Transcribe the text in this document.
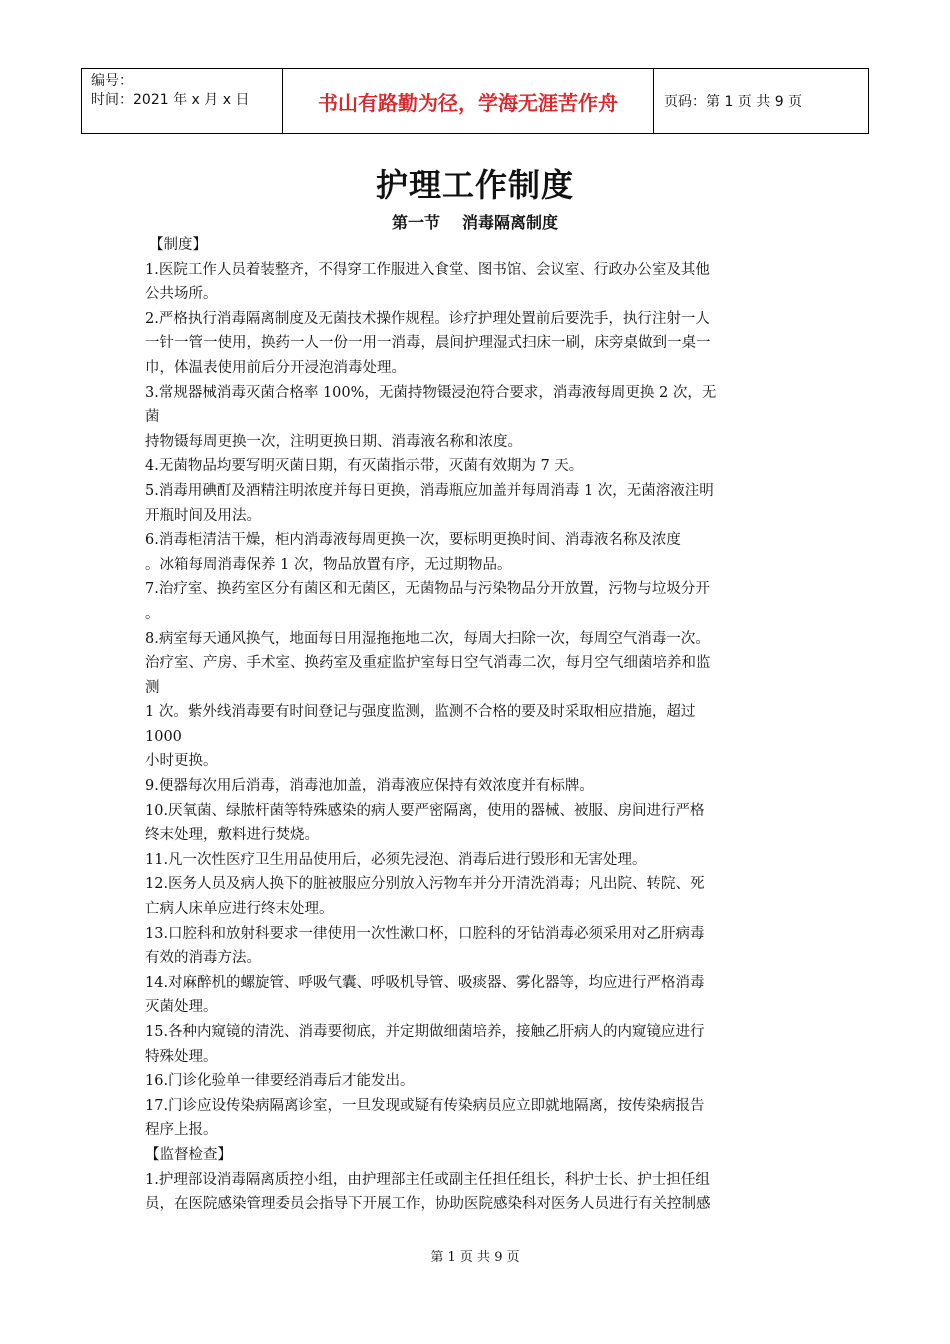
编号：
时间：2021 年 x 月 x 日	书山有路勤为径，学海无涯苦作舟	页码：第 1 页 共 9 页
护理工作制度
第一节 消毒隔离制度
【制度】
1.医院工作人员着装整齐，不得穿工作服进入食堂、图书馆、会议室、行政办公室及其他
公共场所。
2.严格执行消毒隔离制度及无菌技术操作规程。诊疗护理处置前后要洗手，执行注射一人
一针一管一使用，换药一人一份一用一消毒，晨间护理湿式扫床一刷，床旁桌做到一桌一
巾，体温表使用前后分开浸泡消毒处理。
3.常规器械消毒灭菌合格率 100%，无菌持物镊浸泡符合要求，消毒液每周更换 2 次，无
菌
持物镊每周更换一次，注明更换日期、消毒液名称和浓度。
4.无菌物品均要写明灭菌日期，有灭菌指示带，灭菌有效期为 7 天。
5.消毒用碘酊及酒精注明浓度并每日更换，消毒瓶应加盖并每周消毒 1 次，无菌溶液注明
开瓶时间及用法。
6.消毒柜清洁干燥，柜内消毒液每周更换一次，要标明更换时间、消毒液名称及浓度
。冰箱每周消毒保养 1 次，物品放置有序，无过期物品。
7.治疗室、换药室区分有菌区和无菌区，无菌物品与污染物品分开放置，污物与垃圾分开
。
8.病室每天通风换气，地面每日用湿拖拖地二次，每周大扫除一次，每周空气消毒一次。
治疗室、产房、手术室、换药室及重症监护室每日空气消毒二次，每月空气细菌培养和监
测
1 次。紫外线消毒要有时间登记与强度监测，监测不合格的要及时采取相应措施，超过
1000
小时更换。
9.便器每次用后消毒，消毒池加盖，消毒液应保持有效浓度并有标牌。
10.厌氧菌、绿脓杆菌等特殊感染的病人要严密隔离，使用的器械、被服、房间进行严格
终末处理，敷料进行焚烧。
11.凡一次性医疗卫生用品使用后，必须先浸泡、消毒后进行毁形和无害处理。
12.医务人员及病人换下的脏被服应分别放入污物车并分开清洗消毒；凡出院、转院、死
亡病人床单应进行终末处理。
13.口腔科和放射科要求一律使用一次性漱口杯，口腔科的牙钻消毒必须采用对乙肝病毒
有效的消毒方法。
14.对麻醉机的螺旋管、呼吸气囊、呼吸机导管、吸痰器、雾化器等，均应进行严格消毒
灭菌处理。
15.各种内窥镜的清洗、消毒要彻底，并定期做细菌培养，接触乙肝病人的内窥镜应进行
特殊处理。
16.门诊化验单一律要经消毒后才能发出。
17.门诊应设传染病隔离诊室，一旦发现或疑有传染病员应立即就地隔离，按传染病报告
程序上报。
【监督检查】
1.护理部设消毒隔离质控小组，由护理部主任或副主任担任组长，科护士长、护士担任组
员，在医院感染管理委员会指导下开展工作，协助医院感染科对医务人员进行有关控制感
第 1 页 共 9 页
